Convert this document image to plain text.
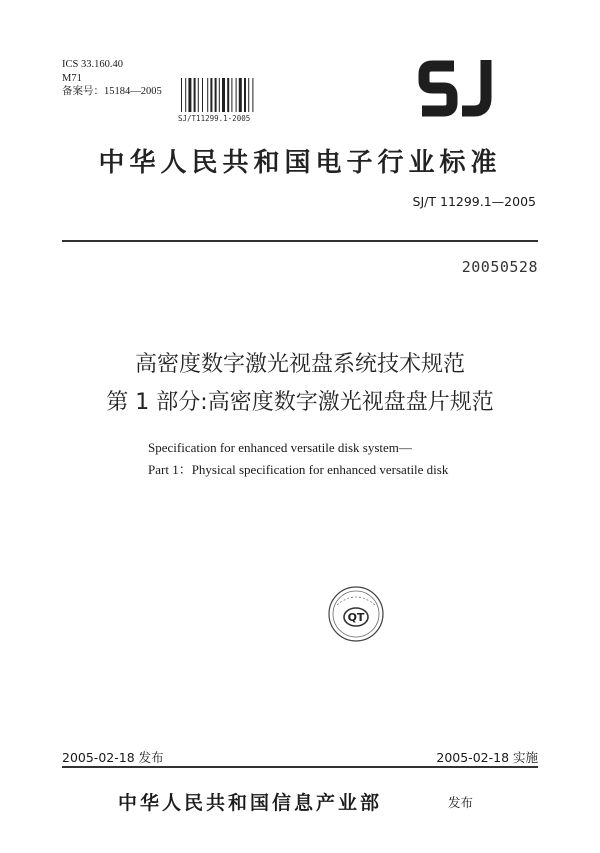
ICS 33.160.40
M71
备案号：15184—2005
SJ/T11299.1-2005
中华人民共和国电子行业标准
SJ/T 11299.1—2005
20050528
高密度数字激光视盘系统技术规范
第 1 部分:高密度数字激光视盘盘片规范
Specification for enhanced versatile disk system—
Part 1：Physical specification for enhanced versatile disk
QT
2005-02-18 发布	2005-02-18 实施
中华人民共和国信息产业部	发布
